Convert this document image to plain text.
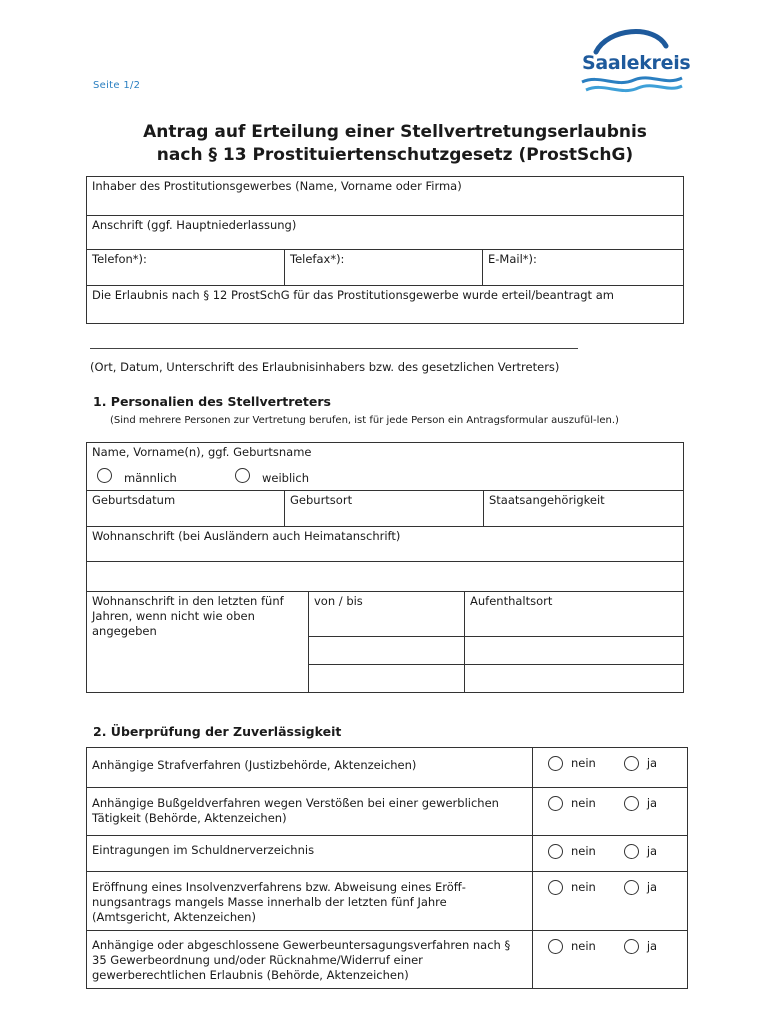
Seite 1/2
Saalekreis
Antrag auf Erteilung einer Stellvertretungserlaubnis
nach § 13 Prostituiertenschutzgesetz (ProstSchG)
Inhaber des Prostitutionsgewerbes (Name, Vorname oder Firma)
Anschrift (ggf. Hauptniederlassung)
Telefon*):	Telefax*):	E-Mail*):
Die Erlaubnis nach § 12 ProstSchG für das Prostitutionsgewerbe wurde erteil/beantragt am
(Ort, Datum, Unterschrift des Erlaubnisinhabers bzw. des gesetzlichen Vertreters)
1. Personalien des Stellvertreters
(Sind mehrere Personen zur Vertretung berufen, ist für jede Person ein Antragsformular auszufül-len.)
Name, Vorname(n), ggf. Geburtsname
Geburtsdatum	Geburtsort	Staatsangehörigkeit
männlich	weiblich
Wohnanschrift (bei Ausländern auch Heimatanschrift)		

Wohnanschrift in den letzten fünf Jahren, wenn nicht wie oben angegeben	von / bis	Aufenthaltsort

2. Überprüfung der Zuverlässigkeit
Anhängige Strafverfahren (Justizbehörde, Aktenzeichen)	nein ja

Anhängige Bußgeldverfahren wegen Verstößen bei einer gewerblichen Tätigkeit (Behörde, Aktenzeichen)	nein ja

Eintragungen im Schuldnerverzeichnis	nein ja

Eröffnung eines Insolvenzverfahrens bzw. Abweisung eines Eröff-nungsantrags mangels Masse innerhalb der letzten fünf Jahre (Amtsgericht, Aktenzeichen)	nein ja

Anhängige oder abgeschlossene Gewerbeuntersagungsverfahren nach § 35 Gewerbeordnung und/oder Rücknahme/Widerruf einer gewerberechtlichen Erlaubnis (Behörde, Aktenzeichen)	nein ja
